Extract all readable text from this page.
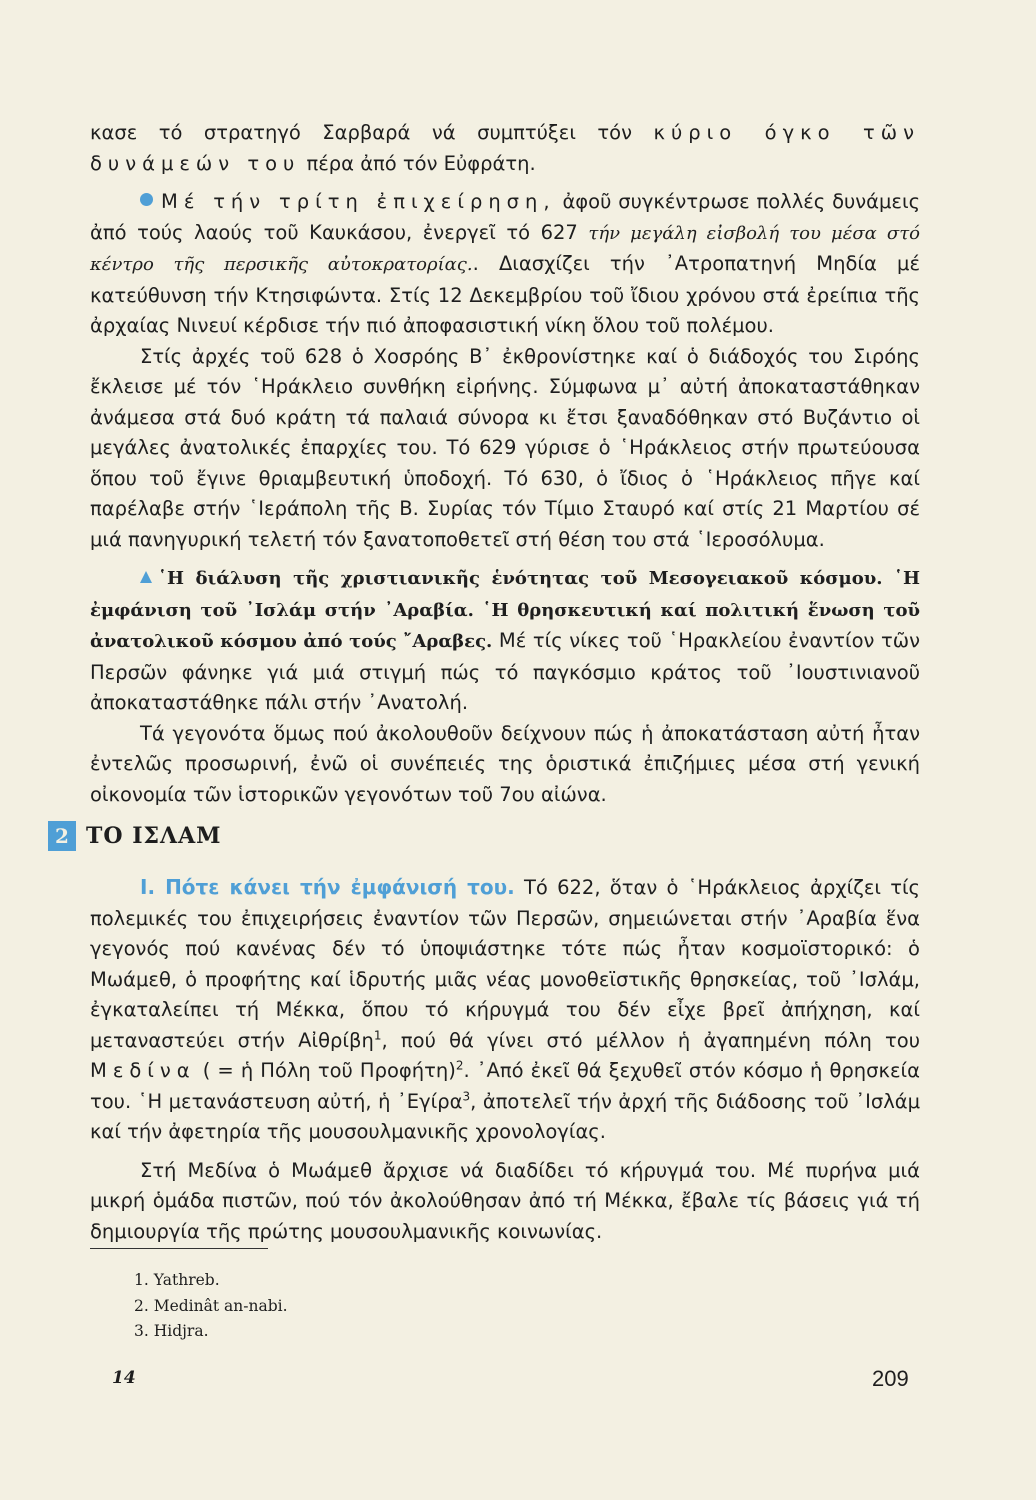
κασε τό στρατηγό Σαρβαρά νά συμπτύξει τόν κύριο όγκο τῶν δυνάμεών του πέρα ἀπό τόν Εὐφράτη.

Μέ τήν τρίτη ἐπιχείρηση, ἀφοῦ συγκέντρωσε πολλές δυνάμεις ἀπό τούς λαούς τοῦ Καυκάσου, ἐνεργεῖ τό 627 τήν μεγάλη εἰσβολή του μέσα στό κέντρο τῆς περσικῆς αὐτοκρατορίας.. Διασχίζει τήν ᾿Ατροπατηνή Μηδία μέ κατεύθυνση τήν Κτησιφώντα. Στίς 12 Δεκεμβρίου τοῦ ἴδιου χρόνου στά ἐρείπια τῆς ἀρχαίας Νινευί κέρδισε τήν πιό ἀποφασιστική νίκη ὅλου τοῦ πολέμου.

Στίς ἀρχές τοῦ 628 ὁ Χοσρόης Β᾿ ἐκθρονίστηκε καί ὁ διάδοχός του Σιρόης ἔκλεισε μέ τόν ῾Ηράκλειο συνθήκη εἰρήνης. Σύμφωνα μ᾿ αὐτή ἀποκαταστάθηκαν ἀνάμεσα στά δυό κράτη τά παλαιά σύνορα κι ἔτσι ξαναδόθηκαν στό Βυζάντιο οἱ μεγάλες ἀνατολικές ἐπαρχίες του. Τό 629 γύρισε ὁ ῾Ηράκλειος στήν πρωτεύουσα ὅπου τοῦ ἔγινε θριαμβευτική ὑποδοχή. Τό 630, ὁ ἴδιος ὁ ῾Ηράκλειος πῆγε καί παρέλαβε στήν ῾Ιεράπολη τῆς Β. Συρίας τόν Τίμιο Σταυρό καί στίς 21 Μαρτίου σέ μιά πανηγυρική τελετή τόν ξανατοποθετεῖ στή θέση του στά ῾Ιεροσόλυμα.

῾Η διάλυση τῆς χριστιανικῆς ἑνότητας τοῦ Μεσογειακοῦ κόσμου. ῾Η ἐμφάνιση τοῦ ᾿Ισλάμ στήν ᾿Αραβία. ῾Η θρησκευτική καί πολιτική ἕνωση τοῦ ἀνατολικοῦ κόσμου ἀπό τούς ῎Αραβες. Μέ τίς νίκες τοῦ ῾Ηρακλείου ἐναντίον τῶν Περσῶν φάνηκε γιά μιά στιγμή πώς τό παγκόσμιο κράτος τοῦ ᾿Ιουστινιανοῦ ἀποκαταστάθηκε πάλι στήν ᾿Ανατολή.

Τά γεγονότα ὅμως πού ἀκολουθοῦν δείχνουν πώς ἡ ἀποκατάσταση αὐτή ἦταν ἐντελῶς προσωρινή, ἐνῶ οἱ συνέπειές της ὁριστικά ἐπιζήμιες μέσα στή γενική οἰκονομία τῶν ἱστορικῶν γεγονότων τοῦ 7ου αἰώνα.

2 ΤΟ ΙΣΛΑΜ

Ι. Πότε κάνει τήν ἐμφάνισή του. Τό 622, ὅταν ὁ ῾Ηράκλειος ἀρχίζει τίς πολεμικές του ἐπιχειρήσεις ἐναντίον τῶν Περσῶν, σημειώνεται στήν ᾿Αραβία ἕνα γεγονός πού κανένας δέν τό ὑποψιάστηκε τότε πώς ἦταν κοσμοϊστορικό: ὁ Μωάμεθ, ὁ προφήτης καί ἱδρυτής μιᾶς νέας μονοθεϊστικῆς θρησκείας, τοῦ ᾿Ισλάμ, ἐγκαταλείπει τή Μέκκα, ὅπου τό κήρυγμά του δέν εἶχε βρεῖ ἀπήχηση, καί μεταναστεύει στήν Αἰθρίβη$^1$, πού θά γίνει στό μέλλον ἡ ἀγαπημένη πόλη του Μεδίνα ( = ἡ Πόλη τοῦ Προφήτη)$^2$. ᾿Από ἐκεῖ θά ξεχυθεῖ στόν κόσμο ἡ θρησκεία του. ῾Η μετανάστευση αὐτή, ἡ ᾿Εγίρα$^3$, ἀποτελεῖ τήν ἀρχή τῆς διάδοσης τοῦ ᾿Ισλάμ καί τήν ἀφετηρία τῆς μουσουλμανικῆς χρονολογίας.

Στή Μεδίνα ὁ Μωάμεθ ἄρχισε νά διαδίδει τό κήρυγμά του. Μέ πυρήνα μιά μικρή ὁμάδα πιστῶν, πού τόν ἀκολούθησαν ἀπό τή Μέκκα, ἔβαλε τίς βάσεις γιά τή δημιουργία τῆς πρώτης μουσουλμανικῆς κοινωνίας.

1. Yathreb.
2. Medinât an-nabi.
3. Hidjra.
14	209
